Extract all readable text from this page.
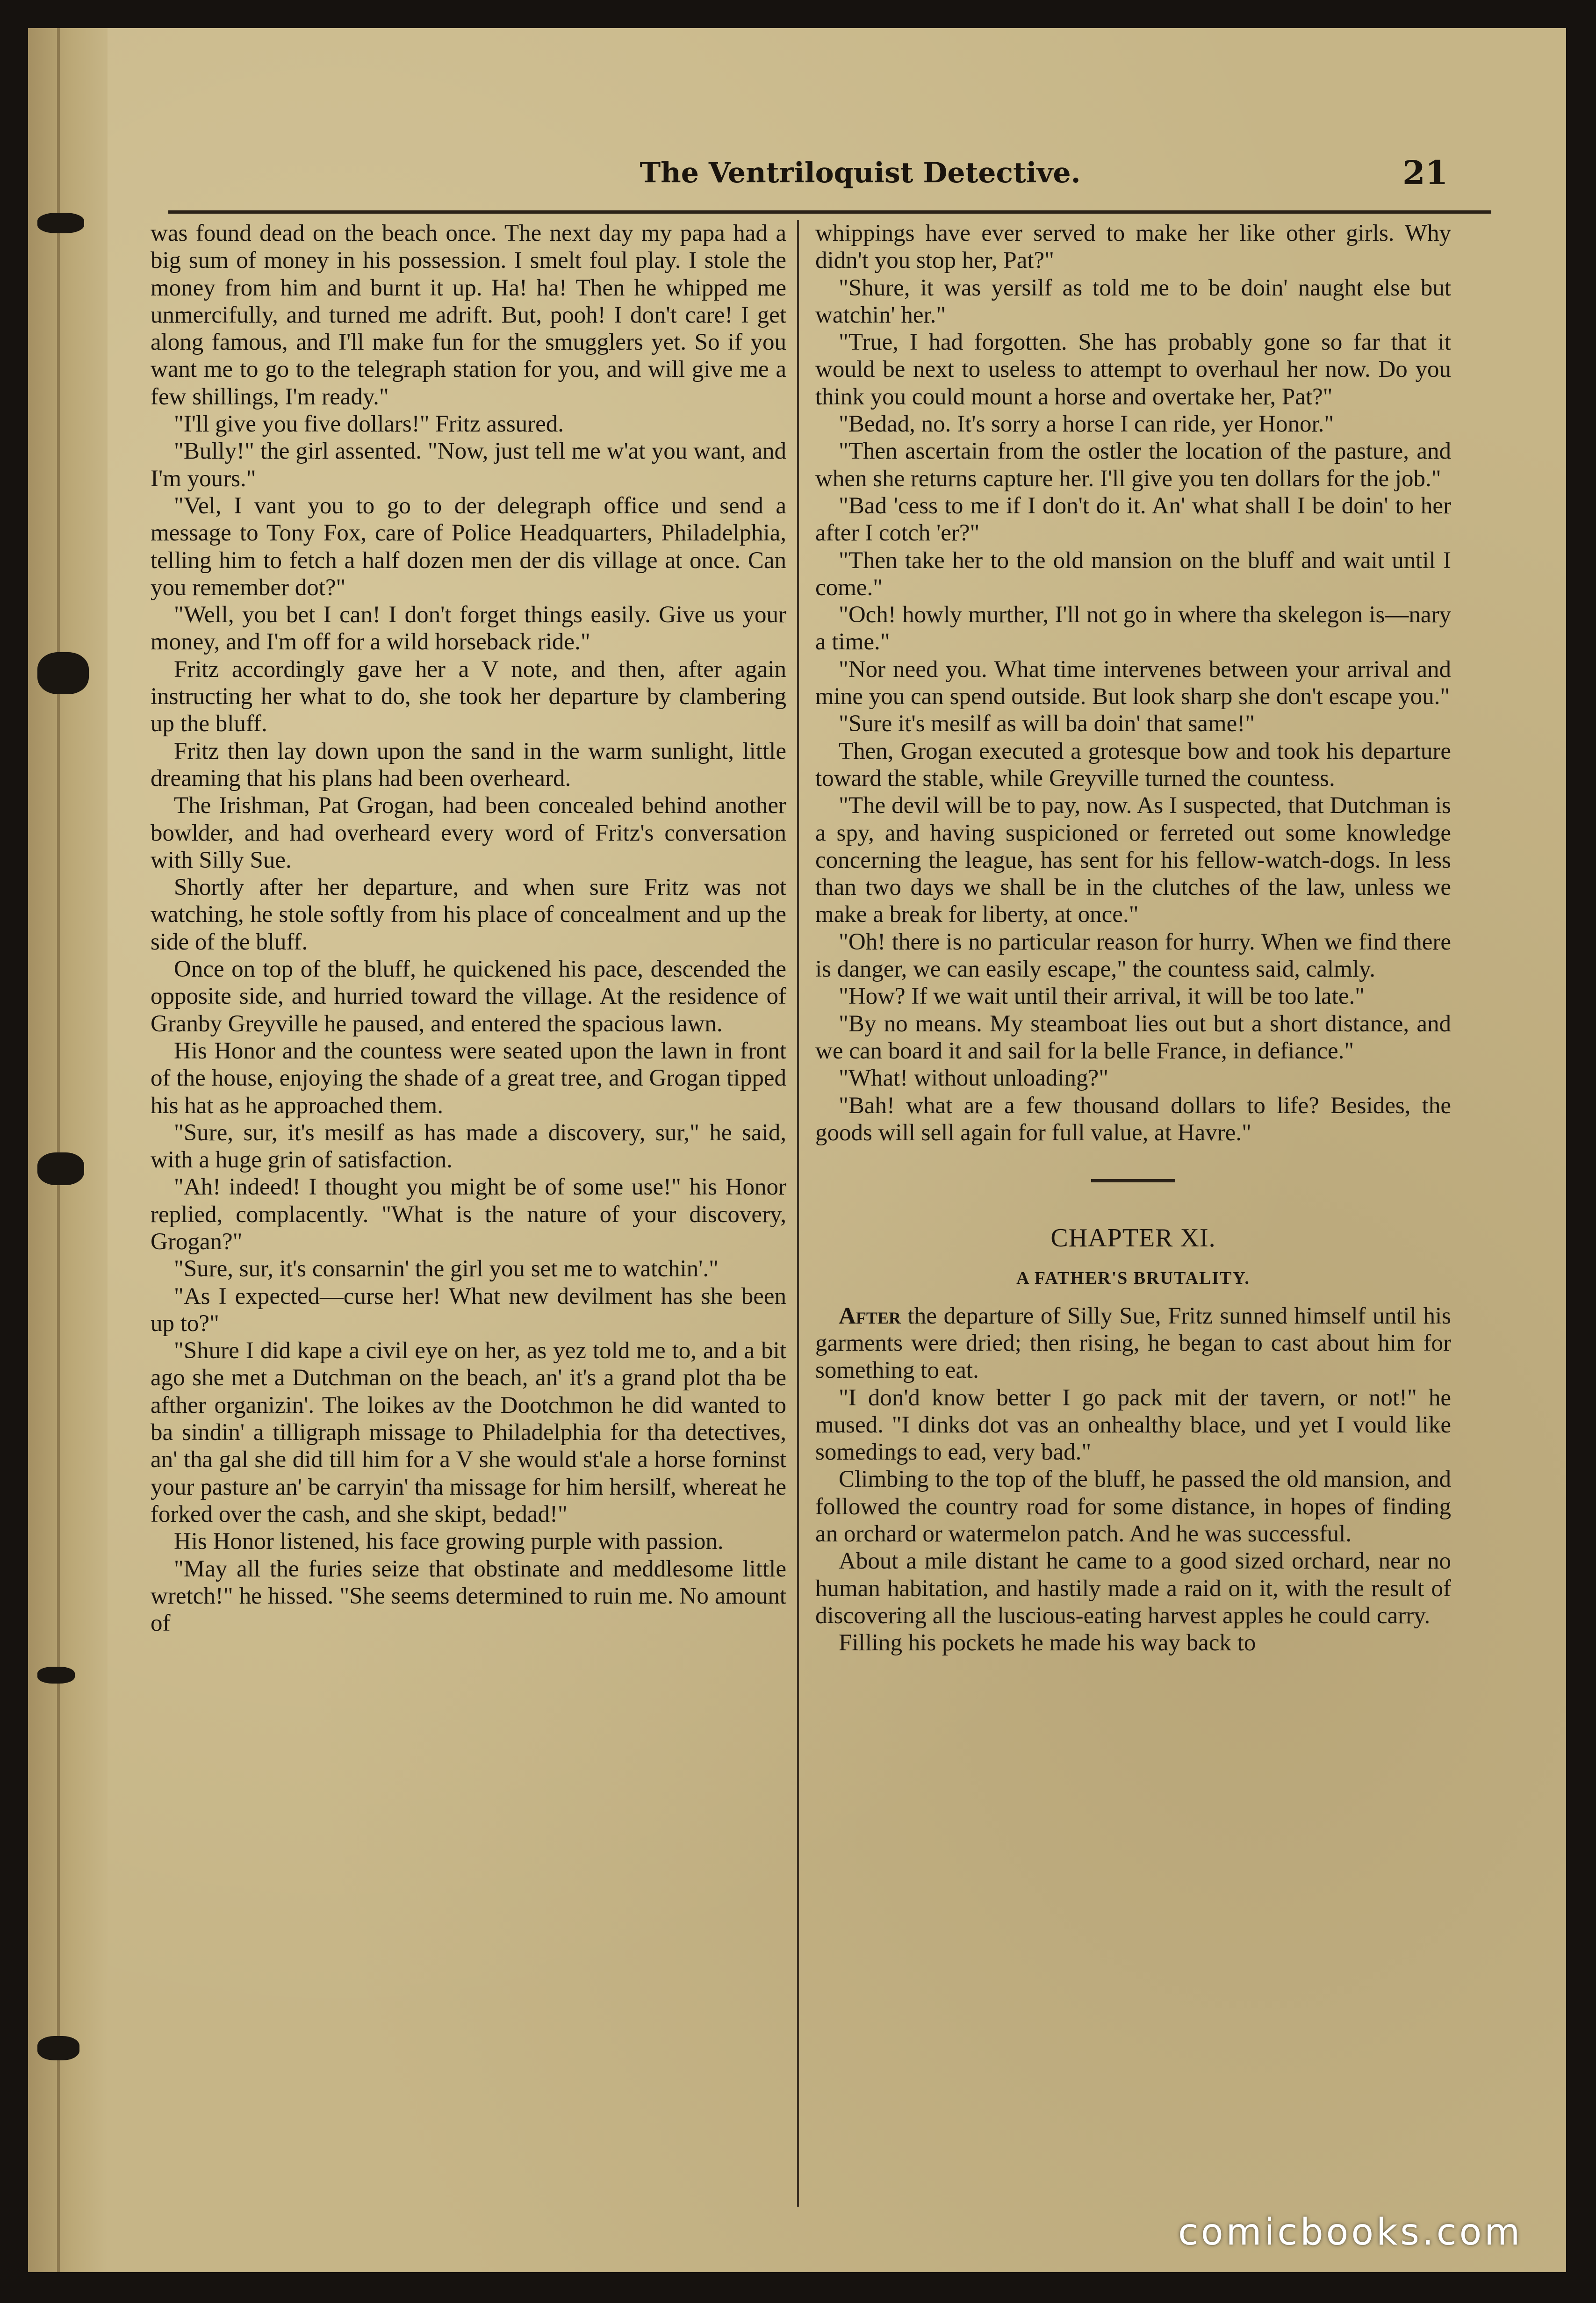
The Ventriloquist Detective.	21

was found dead on the beach once. The next day my papa had a big sum of money in his possession. I smelt foul play. I stole the money from him and burnt it up. Ha! ha! Then he whipped me unmercifully, and turned me adrift. But, pooh! I don't care! I get along famous, and I'll make fun for the smugglers yet. So if you want me to go to the telegraph station for you, and will give me a few shillings, I'm ready."

"I'll give you five dollars!" Fritz assured.

"Bully!" the girl assented. "Now, just tell me w'at you want, and I'm yours."

"Vel, I vant you to go to der delegraph office und send a message to Tony Fox, care of Police Headquarters, Philadelphia, telling him to fetch a half dozen men der dis village at once. Can you remember dot?"

"Well, you bet I can! I don't forget things easily. Give us your money, and I'm off for a wild horseback ride."

Fritz accordingly gave her a V note, and then, after again instructing her what to do, she took her departure by clambering up the bluff.

Fritz then lay down upon the sand in the warm sunlight, little dreaming that his plans had been overheard.

The Irishman, Pat Grogan, had been concealed behind another bowlder, and had overheard every word of Fritz's conversation with Silly Sue.

Shortly after her departure, and when sure Fritz was not watching, he stole softly from his place of concealment and up the side of the bluff.

Once on top of the bluff, he quickened his pace, descended the opposite side, and hurried toward the village. At the residence of Granby Greyville he paused, and entered the spacious lawn.

His Honor and the countess were seated upon the lawn in front of the house, enjoying the shade of a great tree, and Grogan tipped his hat as he approached them.

"Sure, sur, it's mesilf as has made a discovery, sur," he said, with a huge grin of satisfaction.

"Ah! indeed! I thought you might be of some use!" his Honor replied, complacently. "What is the nature of your discovery, Grogan?"

"Sure, sur, it's consarnin' the girl you set me to watchin'."

"As I expected—curse her! What new devilment has she been up to?"

"Shure I did kape a civil eye on her, as yez told me to, and a bit ago she met a Dutchman on the beach, an' it's a grand plot tha be afther organizin'. The loikes av the Dootchmon he did wanted to ba sindin' a tilligraph missage to Philadelphia for tha detectives, an' tha gal she did till him for a V she would st'ale a horse forninst your pasture an' be carryin' tha missage for him hersilf, whereat he forked over the cash, and she skipt, bedad!"

His Honor listened, his face growing purple with passion.

"May all the furies seize that obstinate and meddlesome little wretch!" he hissed. "She seems determined to ruin me. No amount of

whippings have ever served to make her like other girls. Why didn't you stop her, Pat?"

"Shure, it was yersilf as told me to be doin' naught else but watchin' her."

"True, I had forgotten. She has probably gone so far that it would be next to useless to attempt to overhaul her now. Do you think you could mount a horse and overtake her, Pat?"

"Bedad, no. It's sorry a horse I can ride, yer Honor."

"Then ascertain from the ostler the location of the pasture, and when she returns capture her. I'll give you ten dollars for the job."

"Bad 'cess to me if I don't do it. An' what shall I be doin' to her after I cotch 'er?"

"Then take her to the old mansion on the bluff and wait until I come."

"Och! howly murther, I'll not go in where tha skelegon is—nary a time."

"Nor need you. What time intervenes between your arrival and mine you can spend outside. But look sharp she don't escape you."

"Sure it's mesilf as will ba doin' that same!"

Then, Grogan executed a grotesque bow and took his departure toward the stable, while Greyville turned the countess.

"The devil will be to pay, now. As I suspected, that Dutchman is a spy, and having suspicioned or ferreted out some knowledge concerning the league, has sent for his fellow-watch-dogs. In less than two days we shall be in the clutches of the law, unless we make a break for liberty, at once."

"Oh! there is no particular reason for hurry. When we find there is danger, we can easily escape," the countess said, calmly.

"How? If we wait until their arrival, it will be too late."

"By no means. My steamboat lies out but a short distance, and we can board it and sail for la belle France, in defiance."

"What! without unloading?"

"Bah! what are a few thousand dollars to life? Besides, the goods will sell again for full value, at Havre."

CHAPTER XI.
A FATHER'S BRUTALITY.

After the departure of Silly Sue, Fritz sunned himself until his garments were dried; then rising, he began to cast about him for something to eat.

"I don'd know better I go pack mit der tavern, or not!" he mused. "I dinks dot vas an onhealthy blace, und yet I vould like somedings to ead, very bad."

Climbing to the top of the bluff, he passed the old mansion, and followed the country road for some distance, in hopes of finding an orchard or watermelon patch. And he was successful.

About a mile distant he came to a good sized orchard, near no human habitation, and hastily made a raid on it, with the result of discovering all the luscious-eating harvest apples he could carry.

Filling his pockets he made his way back to

comicbooks.com
